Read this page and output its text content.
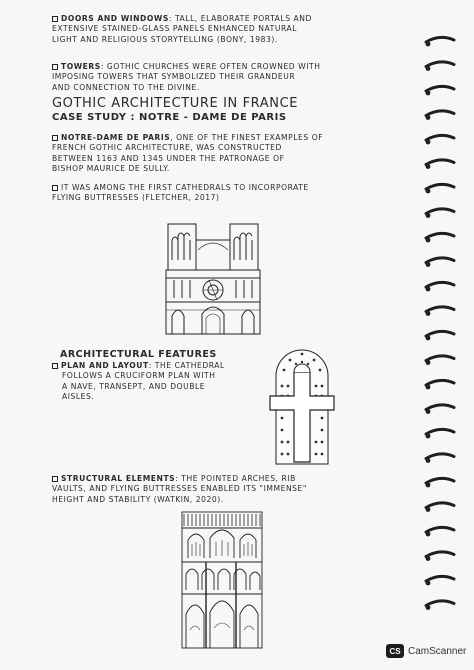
DOORS AND WINDOWS: TALL, ELABORATE PORTALS AND
EXTENSIVE STAINED-GLASS PANELS ENHANCED NATURAL
LIGHT AND RELIGIOUS STORYTELLING (BONY, 1983).
TOWERS: GOTHIC CHURCHES WERE OFTEN CROWNED WITH
IMPOSING TOWERS THAT SYMBOLIZED THEIR GRANDEUR
AND CONNECTION TO THE DIVINE.
GOTHIC ARCHITECTURE IN FRANCE
CASE STUDY : NOTRE - DAME DE PARIS
NOTRE-DAME DE PARIS, ONE OF THE FINEST EXAMPLES OF
FRENCH GOTHIC ARCHITECTURE, WAS CONSTRUCTED
BETWEEN 1163 AND 1345 UNDER THE PATRONAGE OF
BISHOP MAURICE DE SULLY.
IT WAS AMONG THE FIRST CATHEDRALS TO INCORPORATE
FLYING BUTTRESSES (FLETCHER, 2017)
ARCHITECTURAL FEATURES
PLAN AND LAYOUT: THE CATHEDRAL
FOLLOWS A CRUCIFORM PLAN WITH
A NAVE, TRANSEPT, AND DOUBLE
AISLES.
STRUCTURAL ELEMENTS: THE POINTED ARCHES, RIB
VAULTS, AND FLYING BUTTRESSES ENABLED ITS "IMMENSE"
HEIGHT AND STABILITY (WATKIN, 2020).
CS CamScanner
